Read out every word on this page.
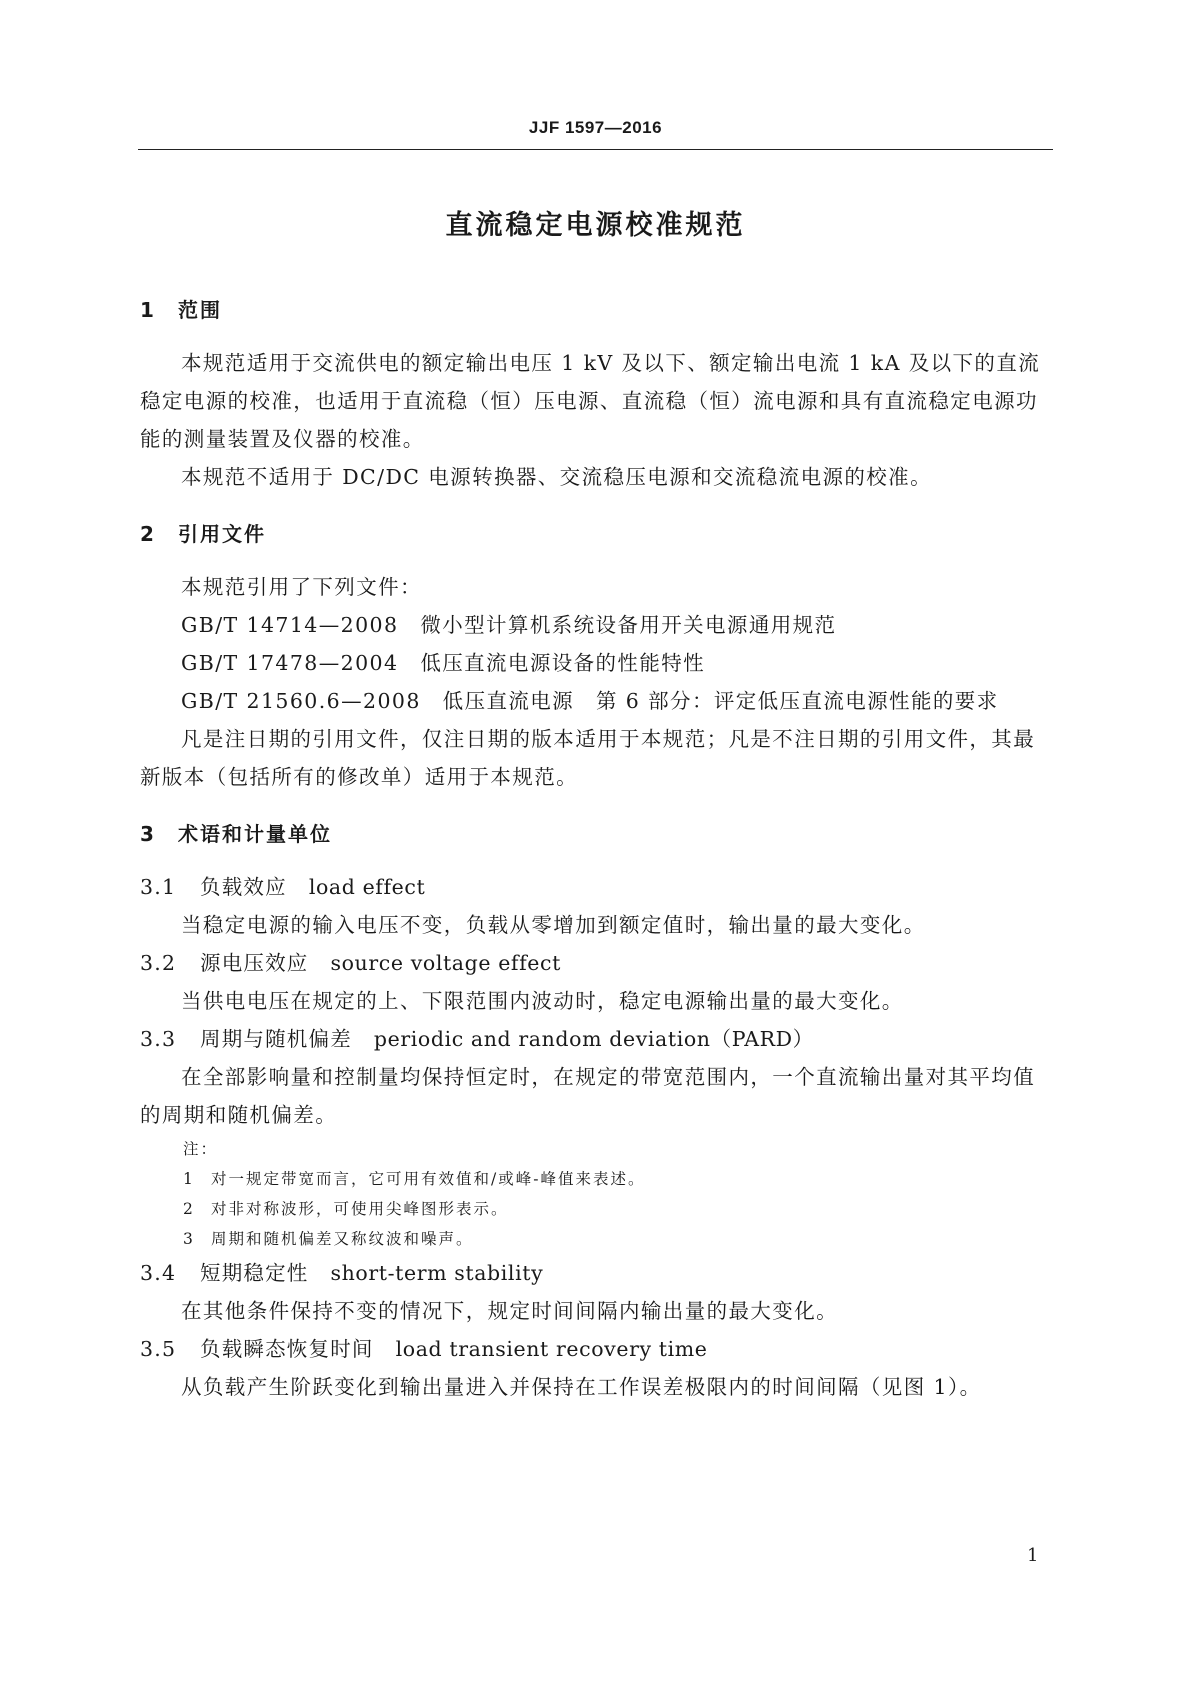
JJF 1597—2016
直流稳定电源校准规范
1 范围

本规范适用于交流供电的额定输出电压 1 kV 及以下、额定输出电流 1 kA 及以下的直流稳定电源的校准，也适用于直流稳（恒）压电源、直流稳（恒）流电源和具有直流稳定电源功能的测量装置及仪器的校准。

本规范不适用于 DC/DC 电源转换器、交流稳压电源和交流稳流电源的校准。

2 引用文件

本规范引用了下列文件：

GB/T 14714—2008　微小型计算机系统设备用开关电源通用规范

GB/T 17478—2004　低压直流电源设备的性能特性

GB/T 21560.6—2008　低压直流电源　第 6 部分：评定低压直流电源性能的要求

凡是注日期的引用文件，仅注日期的版本适用于本规范；凡是不注日期的引用文件，其最新版本（包括所有的修改单）适用于本规范。

3 术语和计量单位

3.1 负载效应 load effect

当稳定电源的输入电压不变，负载从零增加到额定值时，输出量的最大变化。

3.2 源电压效应 source voltage effect

当供电电压在规定的上、下限范围内波动时，稳定电源输出量的最大变化。

3.3 周期与随机偏差 periodic and random deviation（PARD）

在全部影响量和控制量均保持恒定时，在规定的带宽范围内，一个直流输出量对其平均值的周期和随机偏差。

注：

1 对一规定带宽而言，它可用有效值和/或峰-峰值来表述。

2 对非对称波形，可使用尖峰图形表示。

3 周期和随机偏差又称纹波和噪声。

3.4 短期稳定性 short-term stability

在其他条件保持不变的情况下，规定时间间隔内输出量的最大变化。

3.5 负载瞬态恢复时间 load transient recovery time

从负载产生阶跃变化到输出量进入并保持在工作误差极限内的时间间隔（见图 1）。

1
